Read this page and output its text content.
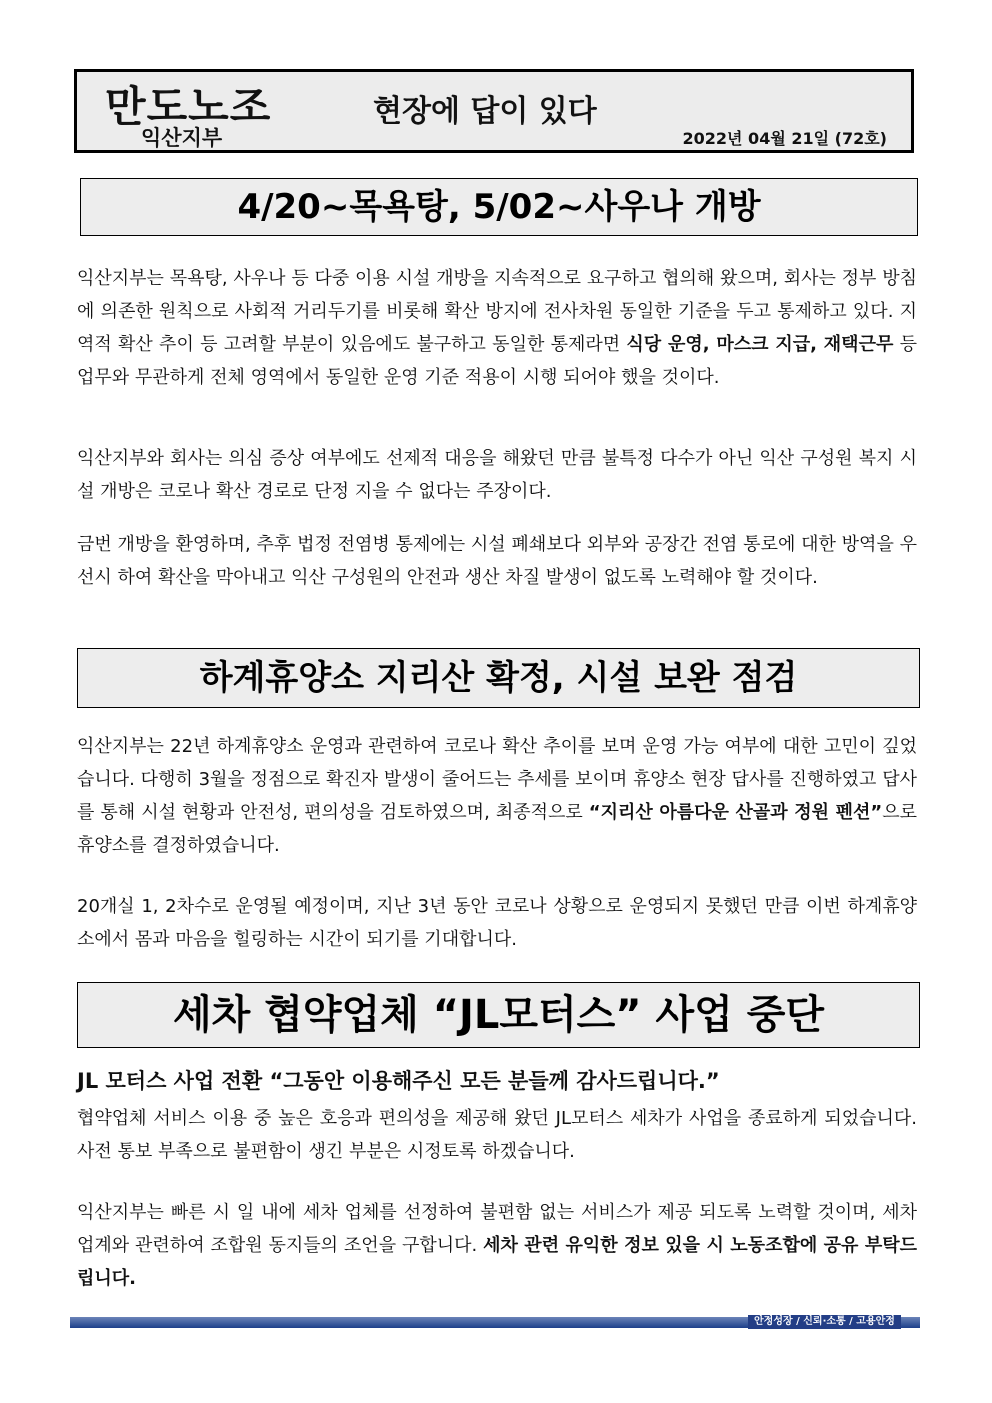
만도노조
익산지부
현장에 답이 있다
2022년 04월 21일 (72호)
4/20~목욕탕, 5/02~사우나 개방

익산지부는 목욕탕, 사우나 등 다중 이용 시설 개방을 지속적으로 요구하고 협의해 왔으며, 회사는 정부 방침에 의존한 원칙으로 사회적 거리두기를 비롯해 확산 방지에 전사차원 동일한 기준을 두고 통제하고 있다. 지역적 확산 추이 등 고려할 부분이 있음에도 불구하고 동일한 통제라면 식당 운영, 마스크 지급, 재택근무 등 업무와 무관하게 전체 영역에서 동일한 운영 기준 적용이 시행 되어야 했을 것이다.

익산지부와 회사는 의심 증상 여부에도 선제적 대응을 해왔던 만큼 불특정 다수가 아닌 익산 구성원 복지 시설 개방은 코로나 확산 경로로 단정 지을 수 없다는 주장이다.

금번 개방을 환영하며, 추후 법정 전염병 통제에는 시설 폐쇄보다 외부와 공장간 전염 통로에 대한 방역을 우선시 하여 확산을 막아내고 익산 구성원의 안전과 생산 차질 발생이 없도록 노력해야 할 것이다.

하계휴양소 지리산 확정, 시설 보완 점검

익산지부는 22년 하계휴양소 운영과 관련하여 코로나 확산 추이를 보며 운영 가능 여부에 대한 고민이 깊었습니다. 다행히 3월을 정점으로 확진자 발생이 줄어드는 추세를 보이며 휴양소 현장 답사를 진행하였고 답사를 통해 시설 현황과 안전성, 편의성을 검토하였으며, 최종적으로 “지리산 아름다운 산골과 정원 펜션”으로 휴양소를 결정하였습니다.

20개실 1, 2차수로 운영될 예정이며, 지난 3년 동안 코로나 상황으로 운영되지 못했던 만큼 이번 하계휴양소에서 몸과 마음을 힐링하는 시간이 되기를 기대합니다.

세차 협약업체 “JL모터스” 사업 중단
JL 모터스 사업 전환 “그동안 이용해주신 모든 분들께 감사드립니다.”

협약업체 서비스 이용 중 높은 호응과 편의성을 제공해 왔던 JL모터스 세차가 사업을 종료하게 되었습니다. 사전 통보 부족으로 불편함이 생긴 부분은 시정토록 하겠습니다.

익산지부는 빠른 시 일 내에 세차 업체를 선정하여 불편함 없는 서비스가 제공 되도록 노력할 것이며, 세차 업계와 관련하여 조합원 동지들의 조언을 구합니다. 세차 관련 유익한 정보 있을 시 노동조합에 공유 부탁드립니다.

안정성장 / 신뢰·소통 / 고용안정
